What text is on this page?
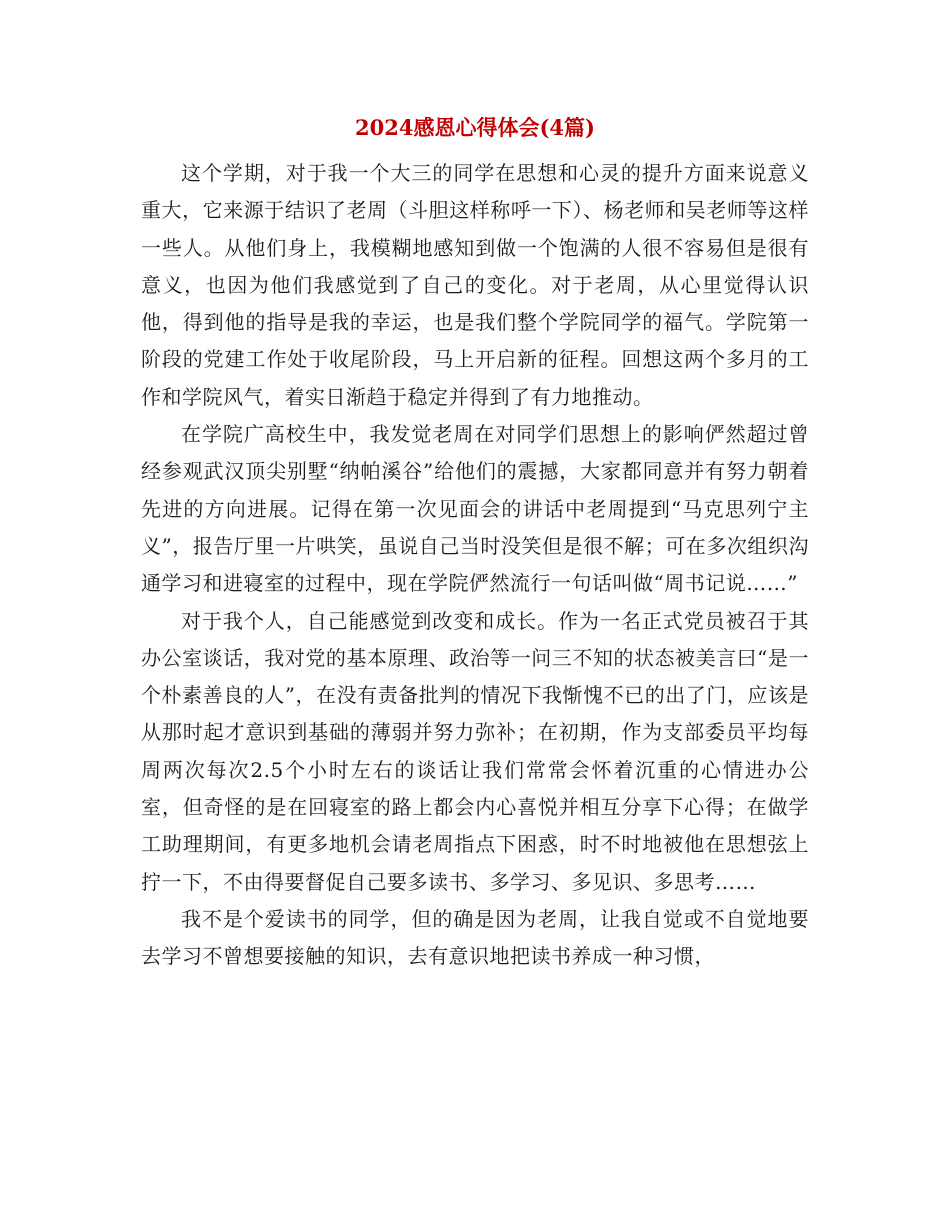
2024感恩心得体会(4篇)

这个学期，对于我一个大三的同学在思想和心灵的提升方面来说意义重大，它来源于结识了老周（斗胆这样称呼一下）、杨老师和吴老师等这样一些人。从他们身上，我模糊地感知到做一个饱满的人很不容易但是很有意义，也因为他们我感觉到了自己的变化。对于老周，从心里觉得认识他，得到他的指导是我的幸运，也是我们整个学院同学的福气。学院第一阶段的党建工作处于收尾阶段，马上开启新的征程。回想这两个多月的工作和学院风气，着实日渐趋于稳定并得到了有力地推动。

在学院广高校生中，我发觉老周在对同学们思想上的影响俨然超过曾经参观武汉顶尖别墅“纳帕溪谷”给他们的震撼，大家都同意并有努力朝着先进的方向进展。记得在第一次见面会的讲话中老周提到“马克思列宁主义”，报告厅里一片哄笑，虽说自己当时没笑但是很不解；可在多次组织沟通学习和进寝室的过程中，现在学院俨然流行一句话叫做“周书记说……”

对于我个人，自己能感觉到改变和成长。作为一名正式党员被召于其办公室谈话，我对党的基本原理、政治等一问三不知的状态被美言曰“是一个朴素善良的人”，在没有责备批判的情况下我惭愧不已的出了门，应该是从那时起才意识到基础的薄弱并努力弥补；在初期，作为支部委员平均每周两次每次2.5个小时左右的谈话让我们常常会怀着沉重的心情进办公室，但奇怪的是在回寝室的路上都会内心喜悦并相互分享下心得；在做学工助理期间，有更多地机会请老周指点下困惑，时不时地被他在思想弦上拧一下，不由得要督促自己要多读书、多学习、多见识、多思考……

我不是个爱读书的同学，但的确是因为老周，让我自觉或不自觉地要去学习不曾想要接触的知识，去有意识地把读书养成一种习惯，
